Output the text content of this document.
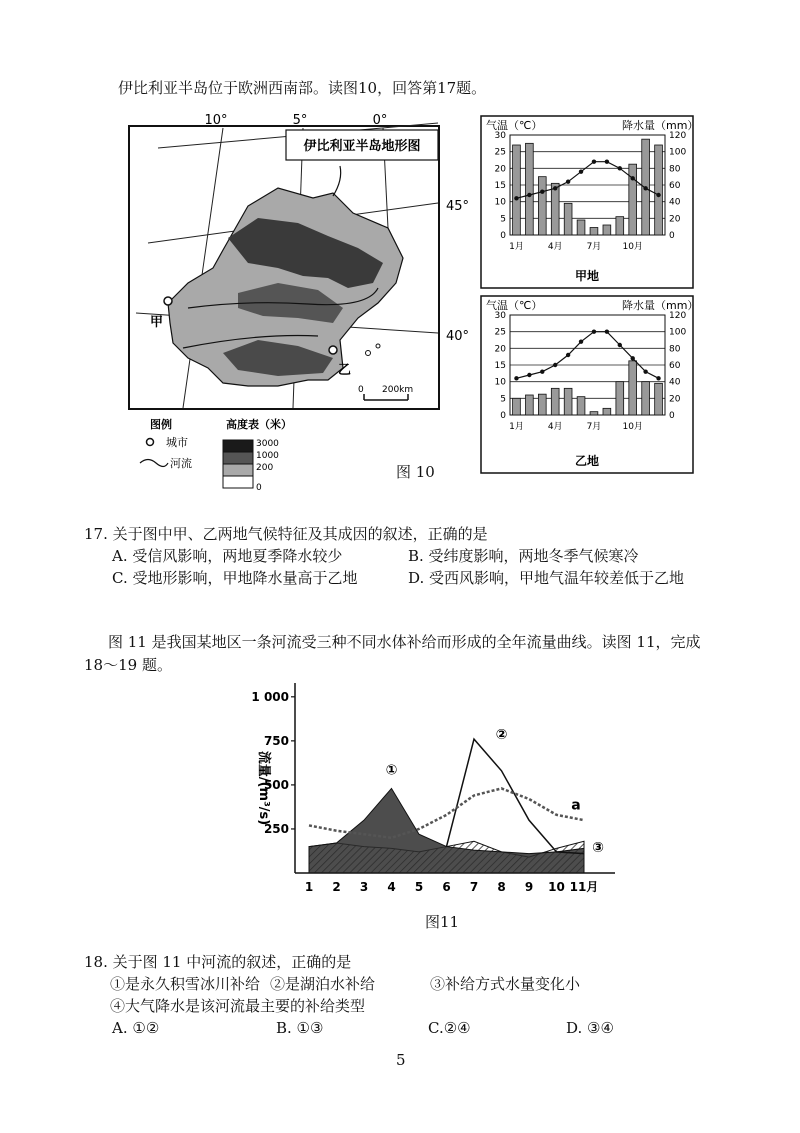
伊比利亚半岛位于欧洲西南部。读图10，回答第17题。
伊比利亚半岛地形图
10°	5°	0°
45°
40°
甲
乙
0 200km
图例
城市
河流
高度表（米）
3000
1000
200
0
图 10
气温（℃）	降水量（mm）
0	0
5	20
10	40
15	60
20	80
25	100
30	120
1月	4月	7月 10月
甲地
气温（℃）	降水量（mm）
0	0
5	20
10	40
15	60
20	80
25	100
30	120
1月	4月	7月 10月
乙地
17. 关于图中甲、乙两地气候特征及其成因的叙述，正确的是
A. 受信风影响，两地夏季降水较少	B. 受纬度影响，两地冬季气候寒冷
C. 受地形影响，甲地降水量高于乙地	D. 受西风影响，甲地气温年较差低于乙地
图 11 是我国某地区一条河流受三种不同水体补给而形成的全年流量曲线。读图 11，完成
18～19 题。
流量/(m³/s)
250
500
750
1 000
1 2 3 4 5 6 7 8 9 10 11月
①
②
③
a
图11
18. 关于图 11 中河流的叙述，正确的是
①是永久积雪冰川补给 ②是湖泊水补给	③补给方式水量变化小
④大气降水是该河流最主要的补给类型
A. ①②	B. ①③	C.②④	D. ③④
5
